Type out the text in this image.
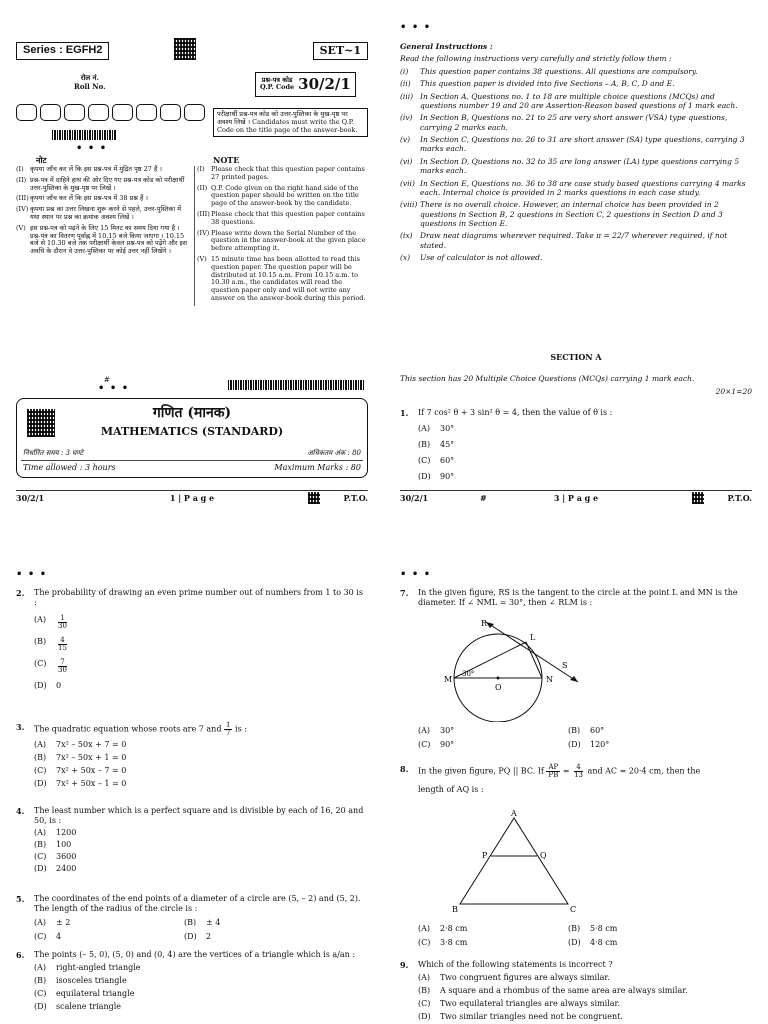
Series : EGFH2	SET~1
रोल नं.
Roll No.
प्रश्न-पत्र कोड
Q.P. Code 30/2/1
परीक्षार्थी प्रश्न-पत्र कोड को उत्तर-पुस्तिका के मुख-पृष्ठ पर अवश्य लिखें । Candidates must write the Q.P. Code on the title page of the answer-book.
• • •
नोट	NOTE
(I) कृपया जाँच कर लें कि इस प्रश्न-पत्र में मुद्रित पृष्ठ 27 हैं ।
(II) प्रश्न-पत्र में दाहिने हाथ की ओर दिए गए प्रश्न-पत्र कोड को परीक्षार्थी उत्तर-पुस्तिका के मुख-पृष्ठ पर लिखें ।
(III) कृपया जाँच कर लें कि इस प्रश्न-पत्र में 38 प्रश्न हैं ।
(IV) कृपया प्रश्न का उत्तर लिखना शुरू करने से पहले, उत्तर-पुस्तिका में यथा स्थान पर प्रश्न का क्रमांक अवश्य लिखें ।
(V) इस प्रश्न-पत्र को पढ़ने के लिए 15 मिनट का समय दिया गया है । प्रश्न-पत्र का वितरण पूर्वाह्न में 10.15 बजे किया जाएगा । 10.15 बजे से 10.30 बजे तक परीक्षार्थी केवल प्रश्न-पत्र को पढ़ेंगे और इस अवधि के दौरान वे उत्तर-पुस्तिका पर कोई उत्तर नहीं लिखेंगे ।
(I) Please check that this question paper contains 27 printed pages.
(II) Q.P. Code given on the right hand side of the question paper should be written on the title page of the answer-book by the candidate.
(III) Please check that this question paper contains 38 questions.
(IV) Please write down the Serial Number of the question in the answer-book at the given place before attempting it.
(V) 15 minute time has been allotted to read this question paper. The question paper will be distributed at 10.15 a.m. From 10.15 a.m. to 10.30 a.m., the candidates will read the question paper only and will not write any answer on the answer-book during this period.
#
• • •
गणित (मानक)
MATHEMATICS (STANDARD)
निर्धारित समय : 3 घण्टे	अधिकतम अंक : 80
Time allowed : 3 hours	Maximum Marks : 80
30/2/1	1 | P a g e	P.T.O.
• • •
General Instructions :
Read the following instructions very carefully and strictly follow them :
(i)	This question paper contains 38 questions. All questions are compulsory.
(ii)	This question paper is divided into five Sections – A, B, C, D and E.
(iii) In Section A, Questions no. 1 to 18 are multiple choice questions (MCQs) and questions number 19 and 20 are Assertion-Reason based questions of 1 mark each.
(iv)	In Section B, Questions no. 21 to 25 are very short answer (VSA) type questions, carrying 2 marks each.
(v)	In Section C, Questions no. 26 to 31 are short answer (SA) type questions, carrying 3 marks each.
(vi)	In Section D, Questions no. 32 to 35 are long answer (LA) type questions carrying 5 marks each.
(vii) In Section E, Questions no. 36 to 38 are case study based questions carrying 4 marks each. Internal choice is provided in 2 marks questions in each case study.
(viii) There is no overall choice. However, an internal choice has been provided in 2 questions in Section B, 2 questions in Section C, 2 questions in Section D and 3 questions in Section E.
(ix)	Draw neat diagrams wherever required. Take π = 22/7 wherever required, if not stated.
(x)	Use of calculator is not allowed.
SECTION A
This section has 20 Multiple Choice Questions (MCQs) carrying 1 mark each.
20×1=20
1. If 7 cos² θ + 3 sin² θ = 4, then the value of θ is :
(A)	30°
(B)	45°
(C)	60°
(D)	90°
30/2/1	#	3 | P a g e	P.T.O.
• • •
2. The probability of drawing an even prime number out of numbers from 1 to 30 is :
(A)	$\frac{1}{30}$
(B)	$\frac{4}{15}$
(C)	$\frac{7}{30}$
(D)	0
3. The quadratic equation whose roots are 7 and $\frac{1}{7}$ is :
(A)	7x² – 50x + 7 = 0
(B)	7x² – 50x + 1 = 0
(C)	7x² + 50x – 7 = 0
(D)	7x² + 50x – 1 = 0
4. The least number which is a perfect square and is divisible by each of 16, 20 and 50, is :
(A)	1200
(B)	100
(C)	3600
(D)	2400
5. The coordinates of the end points of a diameter of a circle are (5, – 2) and (5, 2). The length of the radius of the circle is :
(A)	± 2	(B)	± 4
(C)	4	(D)	2
6. The points (– 5, 0), (5, 0) and (0, 4) are the vertices of a triangle which is a/an :
(A)	right-angled triangle
(B)	isosceles triangle
(C)	equilateral triangle
(D)	scalene triangle
• • •
7. In the given figure, RS is the tangent to the circle at the point L and MN is the diameter. If ∠ NML = 30°, then ∠ RLM is :
R
L
S
M	N
O
30°
(A)	30°	(B)	60°
(C)	90°	(D)	120°
8. In the given figure, PQ || BC. If $\frac{AP}{PB} = \frac{4}{13}$ and AC = 20·4 cm, then the
length of AQ is :
A
P	Q
B	C
(A)	2·8 cm	(B)	5·8 cm
(C)	3·8 cm	(D)	4·8 cm
9. Which of the following statements is incorrect ?
(A)	Two congruent figures are always similar.
(B)	A square and a rhombus of the same area are always similar.
(C)	Two equilateral triangles are always similar.
(D)	Two similar triangles need not be congruent.
